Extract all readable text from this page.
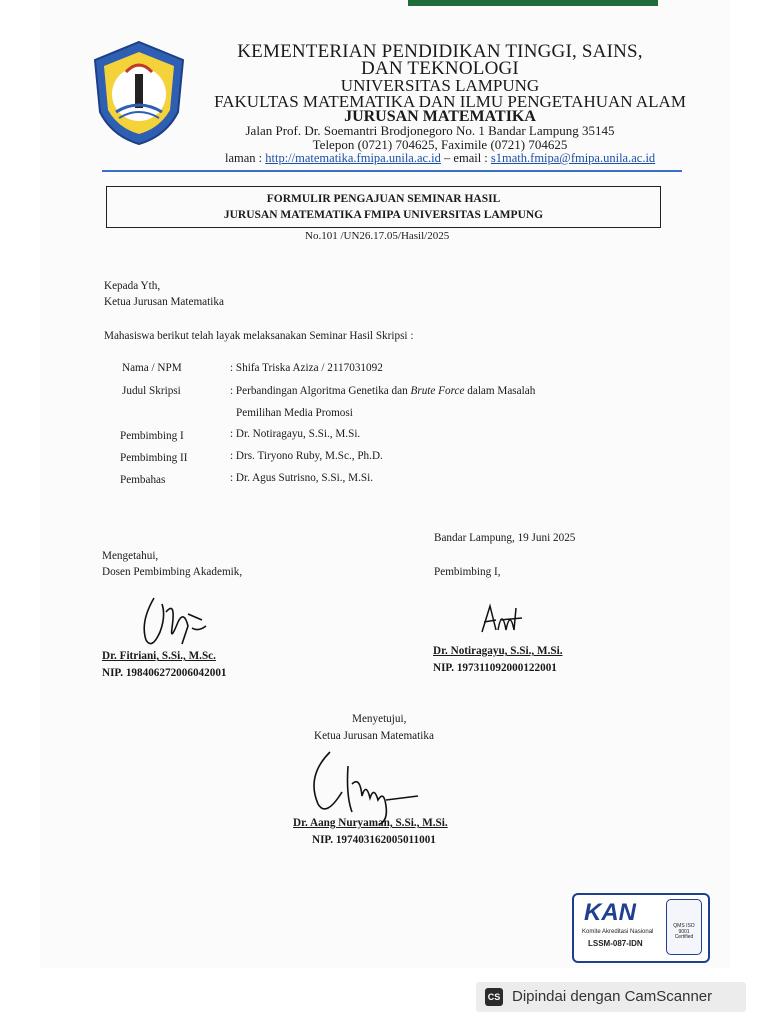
KEMENTERIAN PENDIDIKAN TINGGI, SAINS,
DAN TEKNOLOGI
UNIVERSITAS LAMPUNG
FAKULTAS MATEMATIKA DAN ILMU PENGETAHUAN ALAM
JURUSAN MATEMATIKA
Jalan Prof. Dr. Soemantri Brodjonegoro No. 1 Bandar Lampung 35145
Telepon (0721) 704625, Faximile (0721) 704625
laman : http://matematika.fmipa.unila.ac.id – email : s1math.fmipa@fmipa.unila.ac.id
FORMULIR PENGAJUAN SEMINAR HASIL
JURUSAN MATEMATIKA FMIPA UNIVERSITAS LAMPUNG
No.101 /UN26.17.05/Hasil/2025
Kepada Yth,
Ketua Jurusan Matematika
Mahasiswa berikut telah layak melaksanakan Seminar Hasil Skripsi :
Nama / NPM	: Shifa Triska Aziza / 2117031092
Judul Skripsi	: Perbandingan Algoritma Genetika dan Brute Force dalam Masalah
Pemilihan Media Promosi
Pembimbing I	: Dr. Notiragayu, S.Si., M.Si.
Pembimbing II	: Drs. Tiryono Ruby, M.Sc., Ph.D.
Pembahas	: Dr. Agus Sutrisno, S.Si., M.Si.
Bandar Lampung, 19 Juni 2025
Mengetahui,
Dosen Pembimbing Akademik,	Pembimbing I,
Dr. Fitriani, S.Si., M.Sc.
NIP. 198406272006042001
Dr. Notiragayu, S.Si., M.Si.
NIP. 197311092000122001
Menyetujui,
Ketua Jurusan Matematika
Dr. Aang Nuryaman, S.Si., M.Si.
NIP. 197403162005011001
KAN
Komite Akreditasi Nasional
LSSM-087-IDN
QMS ISO 9001 Certified
CS Dipindai dengan CamScanner
